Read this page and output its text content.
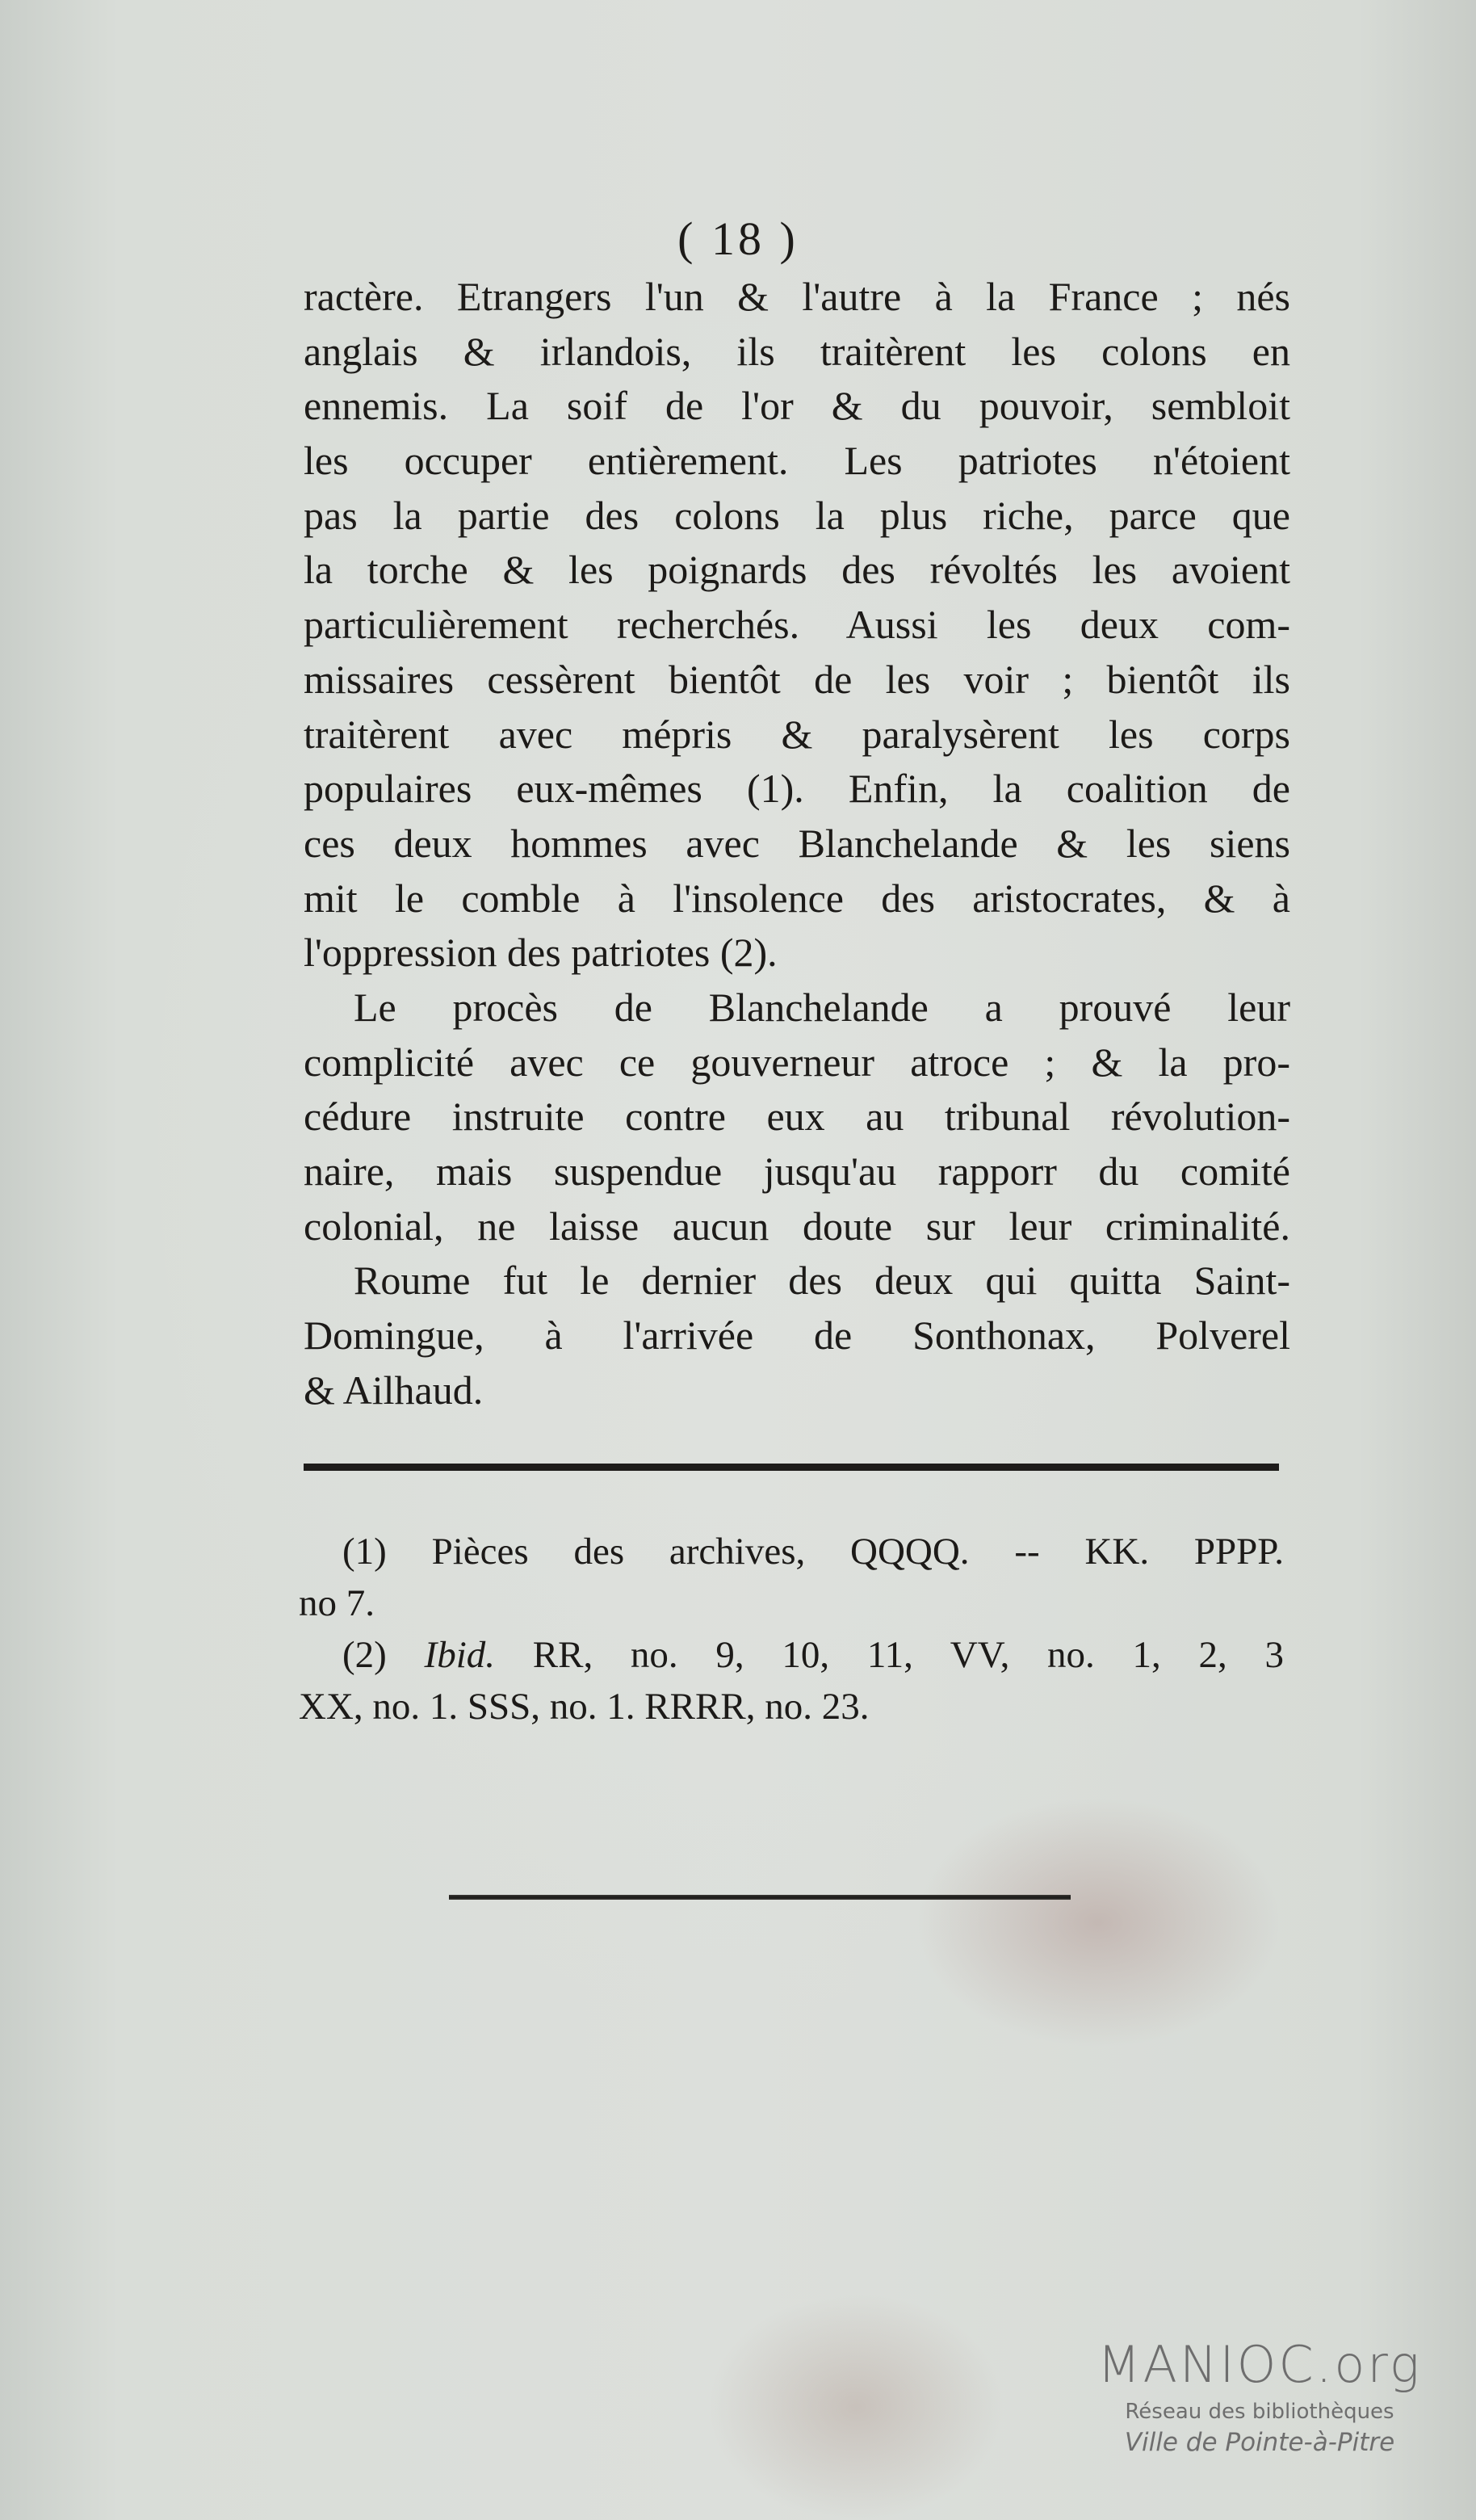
( 18 )
ractère. Etrangers l'un & l'autre à la France ; nés
anglais & irlandois, ils traitèrent les colons en
ennemis. La soif de l'or & du pouvoir, sembloit
les occuper entièrement. Les patriotes n'étoient
pas la partie des colons la plus riche, parce que
la torche & les poignards des révoltés les avoient
particulièrement recherchés. Aussi les deux com-
missaires cessèrent bientôt de les voir ; bientôt ils
traitèrent avec mépris & paralysèrent les corps
populaires eux-mêmes (1). Enfin, la coalition de
ces deux hommes avec Blanchelande & les siens
mit le comble à l'insolence des aristocrates, & à
l'oppression des patriotes (2).
Le procès de Blanchelande a prouvé leur
complicité avec ce gouverneur atroce ; & la pro-
cédure instruite contre eux au tribunal révolution-
naire, mais suspendue jusqu'au rapporr du comité
colonial, ne laisse aucun doute sur leur criminalité.
Roume fut le dernier des deux qui quitta Saint-
Domingue, à l'arrivée de Sonthonax, Polverel
& Ailhaud.
(1) Pièces des archives, QQQQ. -- KK. PPPP.
no 7.
(2) Ibid. RR, no. 9, 10, 11, VV, no. 1, 2, 3
XX, no. 1. SSS, no. 1. RRRR, no. 23.
MANIOC.org
Réseau des bibliothèques
Ville de Pointe-à-Pitre
